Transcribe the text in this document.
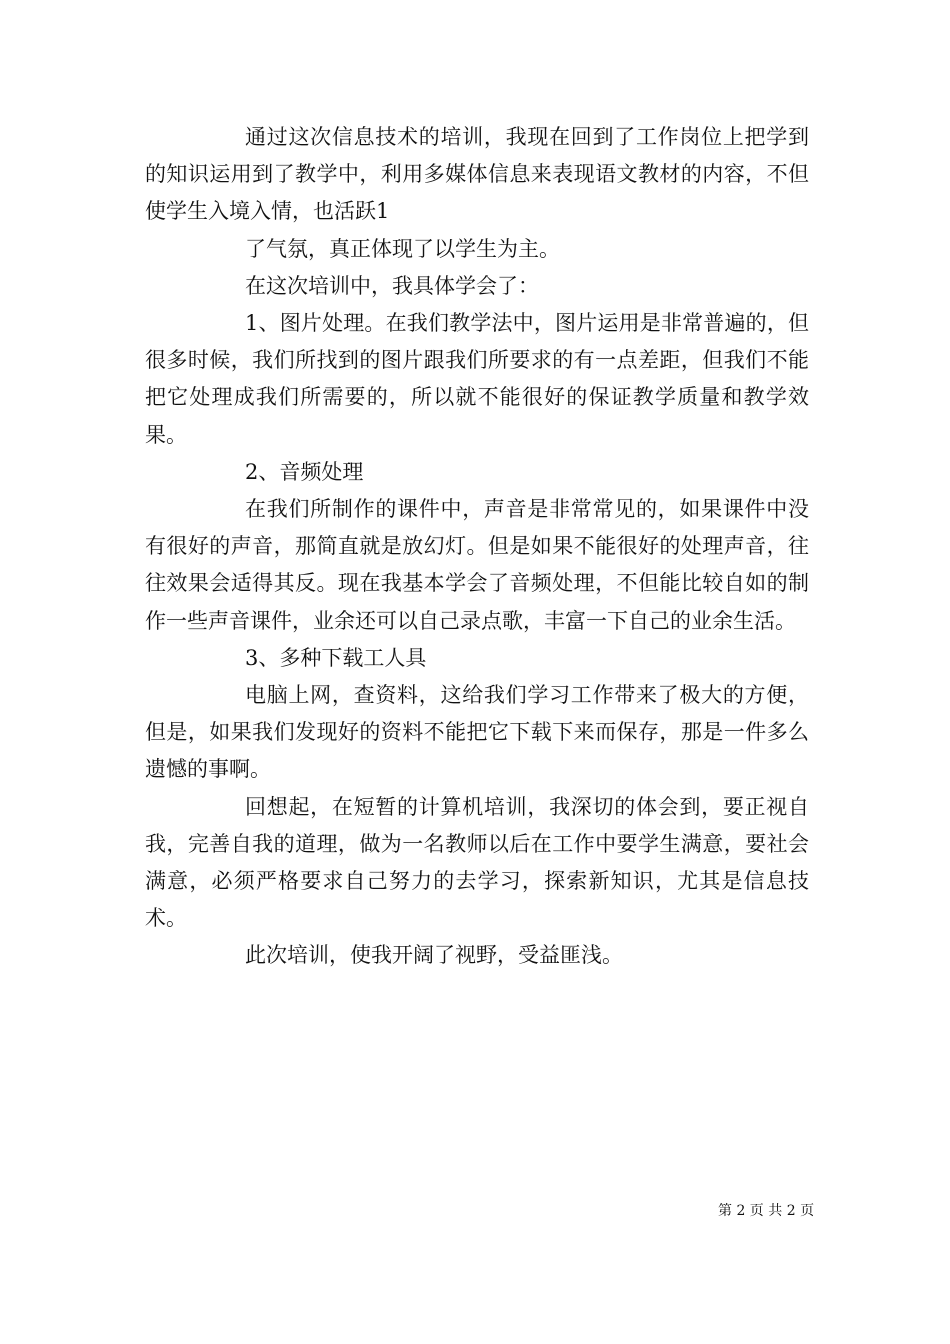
通过这次信息技术的培训，我现在回到了工作岗位上把学到的知识运用到了教学中，利用多媒体信息来表现语文教材的内容，不但使学生入境入情，也活跃1

了气氛，真正体现了以学生为主。

在这次培训中，我具体学会了：

1、图片处理。在我们教学法中，图片运用是非常普遍的，但很多时候，我们所找到的图片跟我们所要求的有一点差距，但我们不能把它处理成我们所需要的，所以就不能很好的保证教学质量和教学效果。

2、音频处理

在我们所制作的课件中，声音是非常常见的，如果课件中没有很好的声音，那简直就是放幻灯。但是如果不能很好的处理声音，往往效果会适得其反。现在我基本学会了音频处理，不但能比较自如的制作一些声音课件，业余还可以自己录点歌，丰富一下自己的业余生活。

3、多种下载工人具

电脑上网，查资料，这给我们学习工作带来了极大的方便，但是，如果我们发现好的资料不能把它下载下来而保存，那是一件多么遗憾的事啊。

回想起，在短暂的计算机培训，我深切的体会到，要正视自我，完善自我的道理，做为一名教师以后在工作中要学生满意，要社会满意，必须严格要求自己努力的去学习，探索新知识，尤其是信息技术。

此次培训，使我开阔了视野，受益匪浅。

第 2 页 共 2 页
